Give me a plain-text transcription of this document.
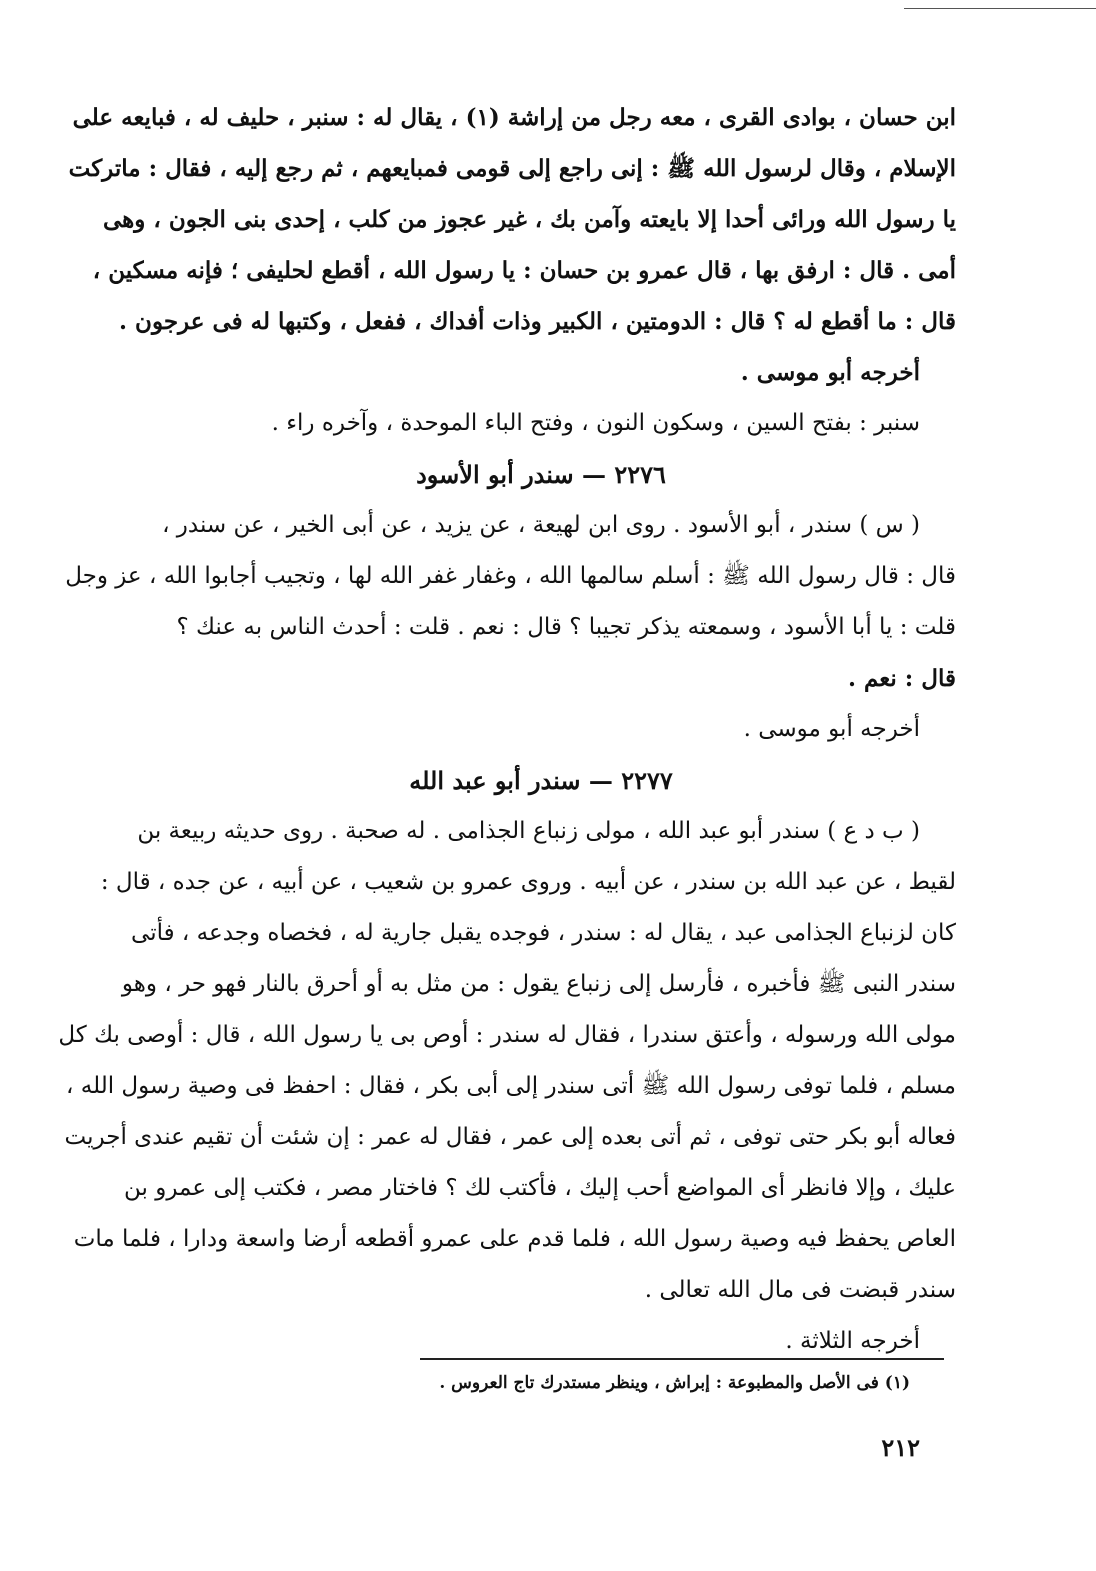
ابن حسان ، بوادى القرى ، معه رجل من إراشة (١) ، يقال له : سنبر ، حليف له ، فبايعه على
الإسلام ، وقال لرسول الله ﷺ : إنى راجع إلى قومى فمبايعهم ، ثم رجع إليه ، فقال : ماتركت
يا رسول الله ورائى أحدا إلا بايعته وآمن بك ، غير عجوز من كلب ، إحدى بنى الجون ، وهى
أمى . قال : ارفق بها ، قال عمرو بن حسان : يا رسول الله ، أقطع لحليفى ؛ فإنه مسكين ،
قال : ما أقطع له ؟ قال : الدومتين ، الكبير وذات أفداك ، ففعل ، وكتبها له فى عرجون .
أخرجه أبو موسى .
سنبر : بفتح السين ، وسكون النون ، وفتح الباء الموحدة ، وآخره راء .
٢٢٧٦ — سندر أبو الأسود
( س ) سندر ، أبو الأسود . روى ابن لهيعة ، عن يزيد ، عن أبى الخير ، عن سندر ،
قال : قال رسول الله ﷺ : أسلم سالمها الله ، وغفار غفر الله لها ، وتجيب أجابوا الله ، عز وجل
قلت : يا أبا الأسود ، وسمعته يذكر تجيبا ؟ قال : نعم . قلت : أحدث الناس به عنك ؟
قال : نعم .
أخرجه أبو موسى .
٢٢٧٧ — سندر أبو عبد الله
( ب د ع ) سندر أبو عبد الله ، مولى زنباع الجذامى . له صحبة . روى حديثه ربيعة بن
لقيط ، عن عبد الله بن سندر ، عن أبيه . وروى عمرو بن شعيب ، عن أبيه ، عن جده ، قال :
كان لزنباع الجذامى عبد ، يقال له : سندر ، فوجده يقبل جارية له ، فخصاه وجدعه ، فأتى
سندر النبى ﷺ فأخبره ، فأرسل إلى زنباع يقول : من مثل به أو أحرق بالنار فهو حر ، وهو
مولى الله ورسوله ، وأعتق سندرا ، فقال له سندر : أوص بى يا رسول الله ، قال : أوصى بك كل
مسلم ، فلما توفى رسول الله ﷺ أتى سندر إلى أبى بكر ، فقال : احفظ فى وصية رسول الله ،
فعاله أبو بكر حتى توفى ، ثم أتى بعده إلى عمر ، فقال له عمر : إن شئت أن تقيم عندى أجريت
عليك ، وإلا فانظر أى المواضع أحب إليك ، فأكتب لك ؟ فاختار مصر ، فكتب إلى عمرو بن
العاص يحفظ فيه وصية رسول الله ، فلما قدم على عمرو أقطعه أرضا واسعة ودارا ، فلما مات
سندر قبضت فى مال الله تعالى .
أخرجه الثلاثة .
(١) فى الأصل والمطبوعة : إبراش ، وينظر مستدرك تاج العروس .
٢١٢
